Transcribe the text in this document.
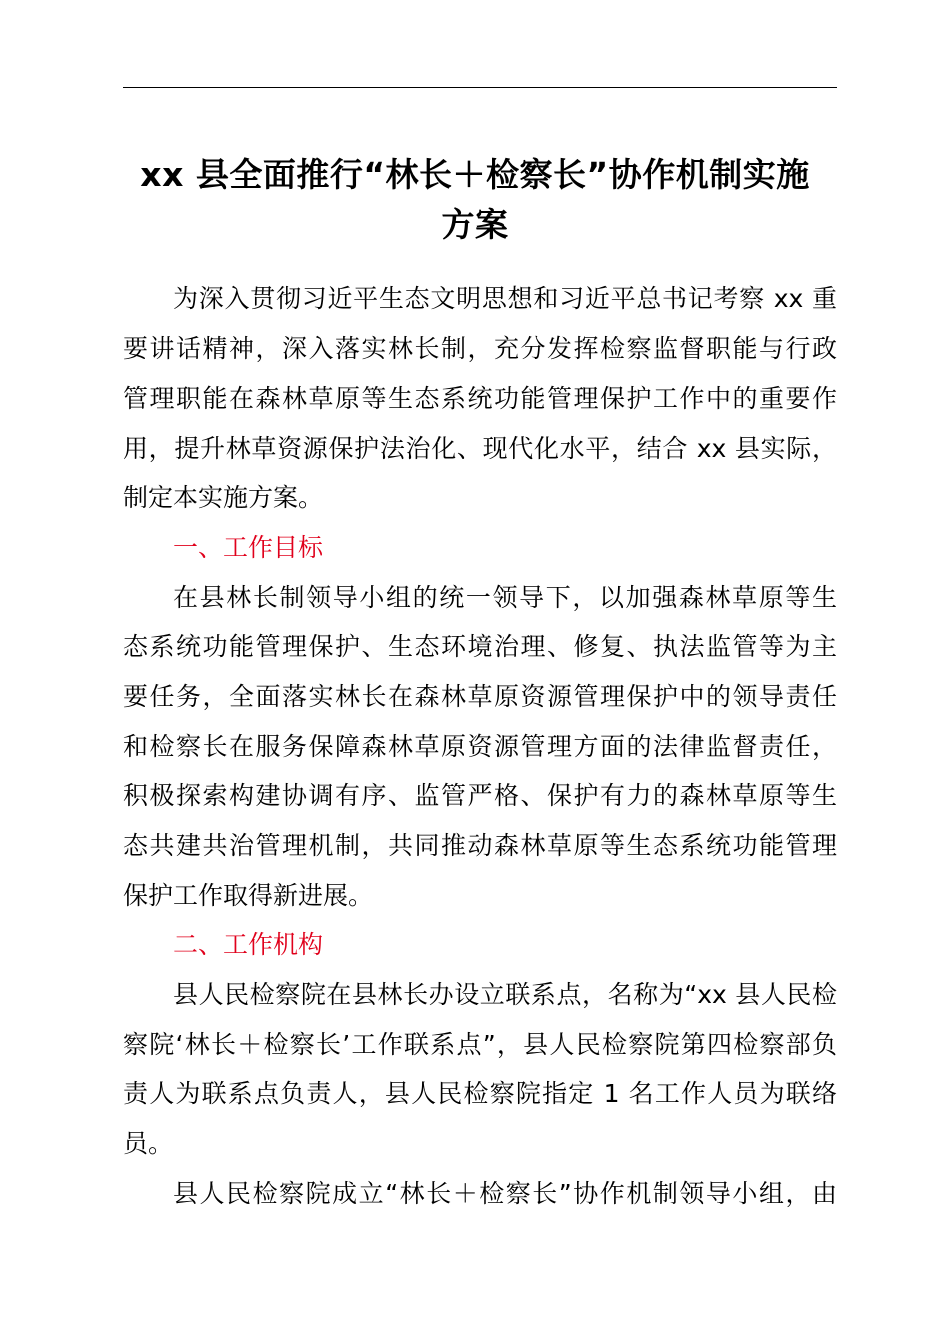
xx 县全面推行“林长＋检察长”协作机制实施
方案
为深入贯彻习近平生态文明思想和习近平总书记考察 xx 重
要讲话精神，深入落实林长制，充分发挥检察监督职能与行政
管理职能在森林草原等生态系统功能管理保护工作中的重要作
用，提升林草资源保护法治化、现代化水平，结合 xx 县实际，
制定本实施方案。
一、工作目标
在县林长制领导小组的统一领导下，以加强森林草原等生
态系统功能管理保护、生态环境治理、修复、执法监管等为主
要任务，全面落实林长在森林草原资源管理保护中的领导责任
和检察长在服务保障森林草原资源管理方面的法律监督责任，
积极探索构建协调有序、监管严格、保护有力的森林草原等生
态共建共治管理机制，共同推动森林草原等生态系统功能管理
保护工作取得新进展。
二、工作机构
县人民检察院在县林长办设立联系点，名称为“xx 县人民检
察院‘林长＋检察长’工作联系点”，县人民检察院第四检察部负
责人为联系点负责人，县人民检察院指定 1 名工作人员为联络
员。
县人民检察院成立“林长＋检察长”协作机制领导小组，由
